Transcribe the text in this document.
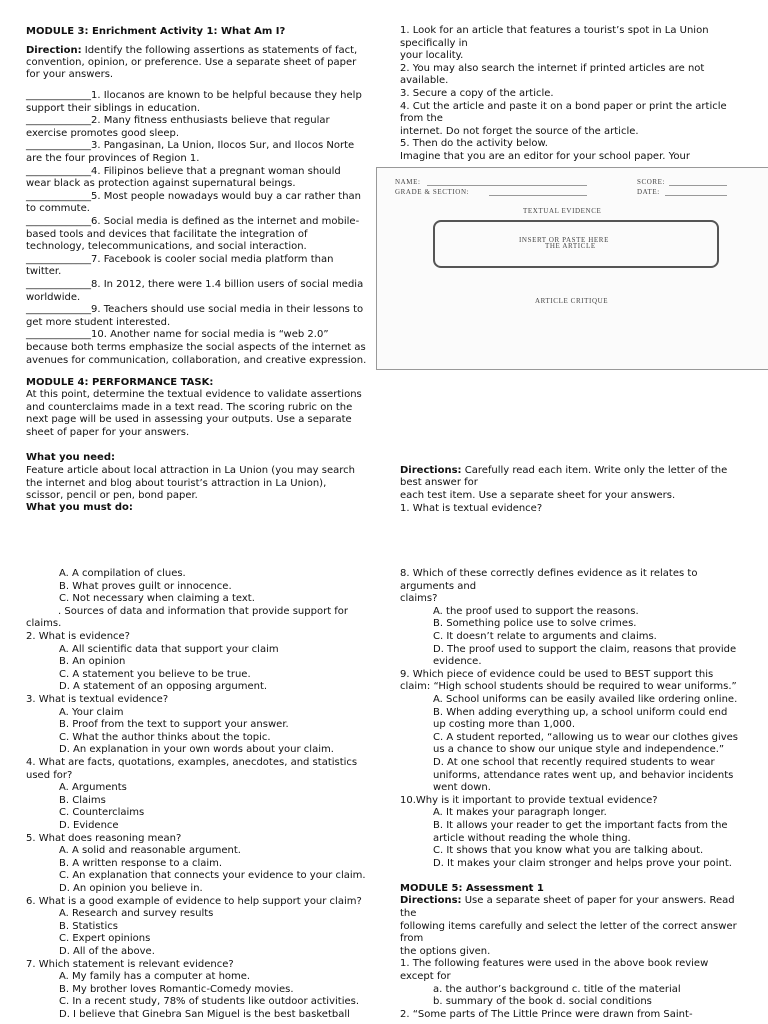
MODULE 3: Enrichment Activity 1: What Am I?
Direction: Identify the following assertions as statements of fact,
convention, opinion, or preference. Use a separate sheet of paper
for your answers.
_____________1. Ilocanos are known to be helpful because they help
support their siblings in education.
_____________2. Many fitness enthusiasts believe that regular
exercise promotes good sleep.
_____________3. Pangasinan, La Union, Ilocos Sur, and Ilocos Norte
are the four provinces of Region 1.
_____________4. Filipinos believe that a pregnant woman should
wear black as protection against supernatural beings.
_____________5. Most people nowadays would buy a car rather than
to commute.
_____________6. Social media is defined as the internet and mobile-
based tools and devices that facilitate the integration of
technology, telecommunications, and social interaction.
_____________7. Facebook is cooler social media platform than
twitter.
_____________8. In 2012, there were 1.4 billion users of social media
worldwide.
_____________9. Teachers should use social media in their lessons to
get more student interested.
_____________10. Another name for social media is “web 2.0”
because both terms emphasize the social aspects of the internet as
avenues for communication, collaboration, and creative expression.
MODULE 4: PERFORMANCE TASK:
At this point, determine the textual evidence to validate assertions
and counterclaims made in a text read. The scoring rubric on the
next page will be used in assessing your outputs. Use a separate
sheet of paper for your answers.
What you need:
Feature article about local attraction in La Union (you may search
the internet and blog about tourist’s attraction in La Union),
scissor, pencil or pen, bond paper.
What you must do:
1. Look for an article that features a tourist’s spot in La Union
specifically in
your locality.
2. You may also search the internet if printed articles are not
available.
3. Secure a copy of the article.
4. Cut the article and paste it on a bond paper or print the article
from the
internet. Do not forget the source of the article.
5. Then do the activity below.
Imagine that you are an editor for your school paper. Your
NAME:	SCORE:
GRADE & SECTION:	DATE:
TEXTUAL EVIDENCE
INSERT OR PASTE HERE
THE ARTICLE
ARTICLE CRITIQUE
Directions: Carefully read each item. Write only the letter of the
best answer for
each test item. Use a separate sheet for your answers.
1. What is textual evidence?
A. A compilation of clues.
B. What proves guilt or innocence.
C. Not necessary when claiming a text.
. Sources of data and information that provide support for
claims.
2. What is evidence?
A. All scientific data that support your claim
B. An opinion
C. A statement you believe to be true.
D. A statement of an opposing argument.
3. What is textual evidence?
A. Your claim
B. Proof from the text to support your answer.
C. What the author thinks about the topic.
D. An explanation in your own words about your claim.
4. What are facts, quotations, examples, anecdotes, and statistics
used for?
A. Arguments
B. Claims
C. Counterclaims
D. Evidence
5. What does reasoning mean?
A. A solid and reasonable argument.
B. A written response to a claim.
C. An explanation that connects your evidence to your claim.
D. An opinion you believe in.
6. What is a good example of evidence to help support your claim?
A. Research and survey results
B. Statistics
C. Expert opinions
D. All of the above.
7. Which statement is relevant evidence?
A. My family has a computer at home.
B. My brother loves Romantic-Comedy movies.
C. In a recent study, 78% of students like outdoor activities.
D. I believe that Ginebra San Miguel is the best basketball
8. Which of these correctly defines evidence as it relates to
arguments and
claims?
A. the proof used to support the reasons.
B. Something police use to solve crimes.
C. It doesn’t relate to arguments and claims.
D. The proof used to support the claim, reasons that provide
evidence.
9. Which piece of evidence could be used to BEST support this
claim: “High school students should be required to wear uniforms.”
A. School uniforms can be easily availed like ordering online.
B. When adding everything up, a school uniform could end
up costing more than 1,000.
C. A student reported, “allowing us to wear our clothes gives
us a chance to show our unique style and independence.”
D. At one school that recently required students to wear
uniforms, attendance rates went up, and behavior incidents
went down.
10.Why is it important to provide textual evidence?
A. It makes your paragraph longer.
B. It allows your reader to get the important facts from the
article without reading the whole thing.
C. It shows that you know what you are talking about.
D. It makes your claim stronger and helps prove your point.
MODULE 5: Assessment 1
Directions: Use a separate sheet of paper for your answers. Read
the
following items carefully and select the letter of the correct answer
from
the options given.
1. The following features were used in the above book review
except for
a. the author’s background c. title of the material
b. summary of the book d. social conditions
2. “Some parts of The Little Prince were drawn from Saint-
